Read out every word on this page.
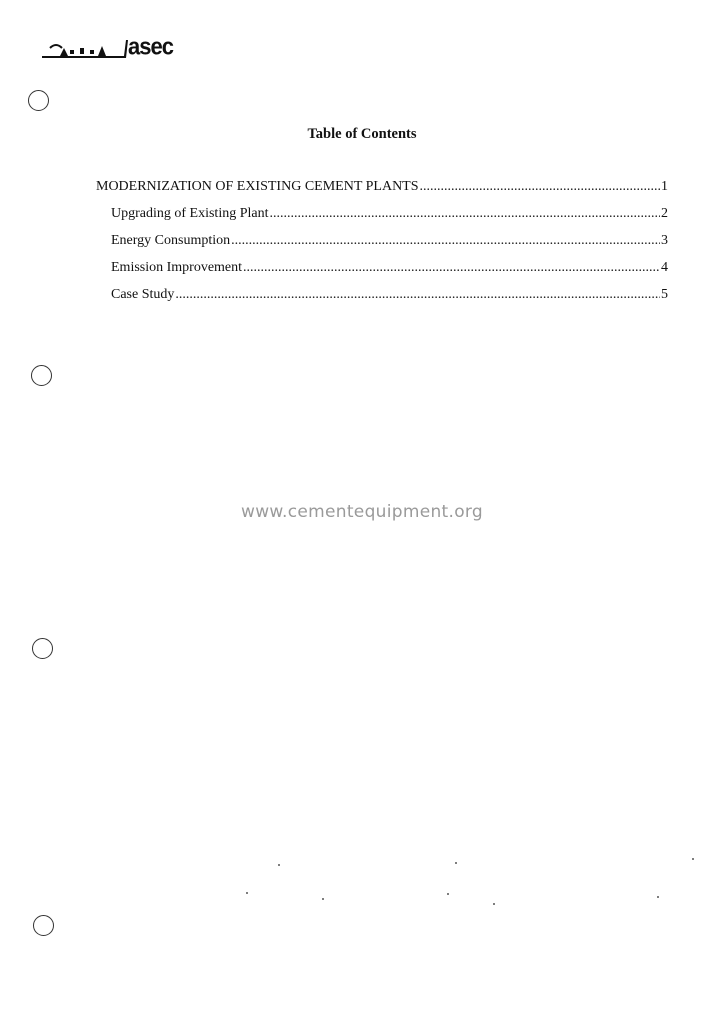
asec
Table of Contents
MODERNIZATION OF EXISTING CEMENT PLANTS .....	1
Upgrading of Existing Plant .....	2
Energy Consumption .....	3
Emission Improvement .....	4
Case Study .....	5
www.cementequipment.org
